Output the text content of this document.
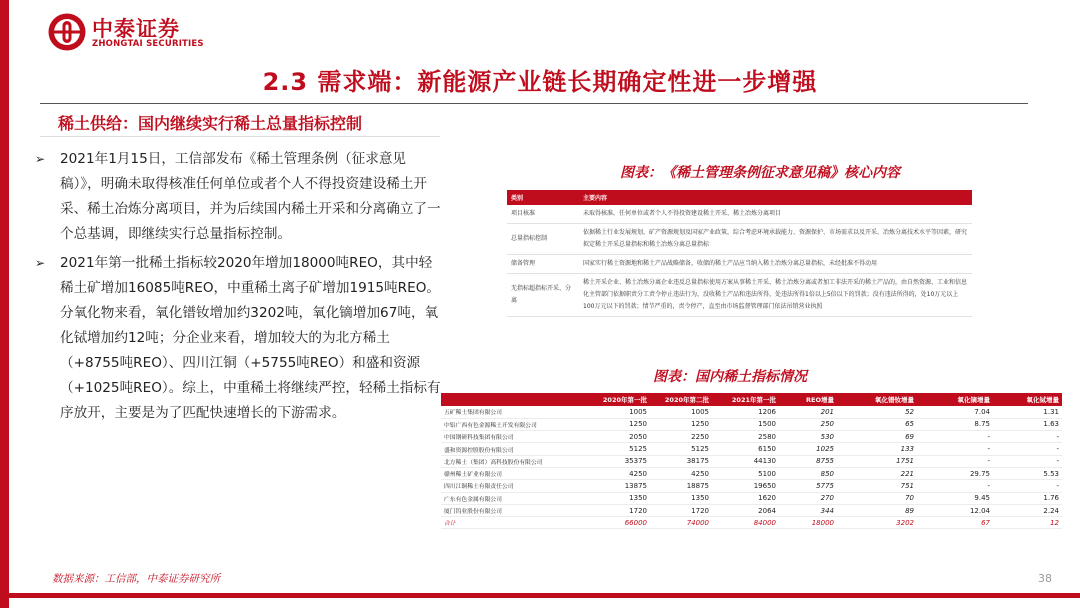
中泰证券
ZHONGTAI SECURITIES
2.3 需求端：新能源产业链长期确定性进一步增强
稀土供给：国内继续实行稀土总量指标控制
➢ 2021年1月15日，工信部发布《稀土管理条例（征求意见稿）》，明确未取得核准任何单位或者个人不得投资建设稀土开采、稀土冶炼分离项目，并为后续国内稀土开采和分离确立了一个总基调，即继续实行总量指标控制。
➢ 2021年第一批稀土指标较2020年增加18000吨REO，其中轻稀土矿增加16085吨REO，中重稀土离子矿增加1915吨REO。分氧化物来看，氧化镨钕增加约3202吨，氧化镝增加67吨，氧化铽增加约12吨；分企业来看，增加较大的为北方稀土（+8755吨REO）、四川江铜（+5755吨REO）和盛和资源（+1025吨REO）。综上，中重稀土将继续严控，轻稀土指标有序放开，主要是为了匹配快速增长的下游需求。
图表：《稀土管理条例征求意见稿》核心内容
类别	主要内容
项目核准	未取得核准，任何单位或者个人不得投资建设稀土开采、稀土冶炼分离项目
总量指标控制	依据稀土行业发展规划、矿产资源规划及国家产业政策，综合考虑环境承载能力、资源保护、市场需求以及开采、冶炼分离技术水平等因素，研究拟定稀土开采总量指标和稀土冶炼分离总量指标
储备管理	国家实行稀土资源地和稀土产品战略储备，收储的稀土产品应当纳入稀土冶炼分离总量指标，未经批准不得动用
无指标超指标开采、分离	稀土开采企业、稀土冶炼分离企业违反总量指标使用方案从事稀土开采、稀土冶炼分离或者加工非法开采的稀土产品的，由自然资源、工业和信息化主管部门依据职责分工责令停止违法行为，没收稀土产品和违法所得，处违法所得1倍以上5倍以下的罚款；没有违法所得的，处10万元以上100万元以下的罚款；情节严重的，责令停产，直至由市场监督管理部门依法吊销营业执照
图表：国内稀土指标情况
	2020年第一批	2020年第二批	2021年第一批	REO增量	氧化镨钕增量	氧化镝增量	氧化铽增量
五矿稀土集团有限公司	1005	1005	1206	201	52	7.04	1.31
中铝广西有色金源稀土开发有限公司	1250	1250	1500	250	65	8.75	1.63
中国钢研科技集团有限公司	2050	2250	2580	530	69	-	-
盛和资源控股股份有限公司	5125	5125	6150	1025	133	-	-
北方稀土（集团）高科技股份有限公司	35375	38175	44130	8755	1751	-	-
赣州稀土矿业有限公司	4250	4250	5100	850	221	29.75	5.53
四川江铜稀土有限责任公司	13875	18875	19650	5775	751	-	-
广东有色金属有限公司	1350	1350	1620	270	70	9.45	1.76
厦门钨业股份有限公司	1720	1720	2064	344	89	12.04	2.24
合计	66000	74000	84000	18000	3202	67	12
数据来源：工信部，中泰证券研究所	38
